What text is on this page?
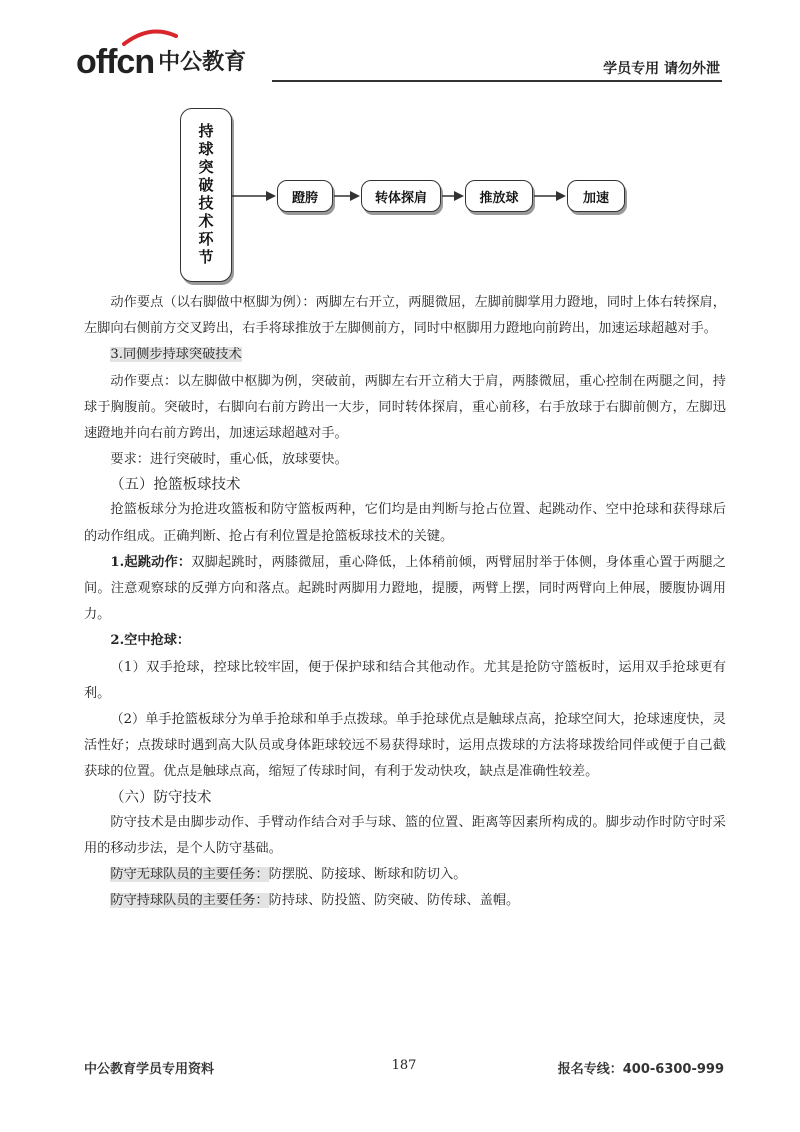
offcn 中公教育	学员专用 请勿外泄
持球突破技术环节	蹬胯	转体探肩	推放球	加速

动作要点（以右脚做中枢脚为例）：两脚左右开立，两腿微屈，左脚前脚掌用力蹬地，同时上体右转探肩，左脚向右侧前方交叉跨出，右手将球推放于左脚侧前方，同时中枢脚用力蹬地向前跨出，加速运球超越对手。

3.同侧步持球突破技术

动作要点：以左脚做中枢脚为例，突破前，两脚左右开立稍大于肩，两膝微屈，重心控制在两腿之间，持球于胸腹前。突破时，右脚向右前方跨出一大步，同时转体探肩，重心前移，右手放球于右脚前侧方，左脚迅速蹬地并向右前方跨出，加速运球超越对手。

要求：进行突破时，重心低，放球要快。

（五）抢篮板球技术

抢篮板球分为抢进攻篮板和防守篮板两种，它们均是由判断与抢占位置、起跳动作、空中抢球和获得球后的动作组成。正确判断、抢占有利位置是抢篮板球技术的关键。

1.起跳动作：双脚起跳时，两膝微屈，重心降低，上体稍前倾，两臂屈肘举于体侧，身体重心置于两腿之间。注意观察球的反弹方向和落点。起跳时两脚用力蹬地，提腰，两臂上摆，同时两臂向上伸展，腰腹协调用力。

2.空中抢球：

（1）双手抢球，控球比较牢固，便于保护球和结合其他动作。尤其是抢防守篮板时，运用双手抢球更有利。

（2）单手抢篮板球分为单手抢球和单手点拨球。单手抢球优点是触球点高，抢球空间大，抢球速度快，灵活性好；点拨球时遇到高大队员或身体距球较远不易获得球时，运用点拨球的方法将球拨给同伴或便于自己截获球的位置。优点是触球点高，缩短了传球时间，有利于发动快攻，缺点是准确性较差。

（六）防守技术

防守技术是由脚步动作、手臂动作结合对手与球、篮的位置、距离等因素所构成的。脚步动作时防守时采用的移动步法，是个人防守基础。

防守无球队员的主要任务：防摆脱、防接球、断球和防切入。

防守持球队员的主要任务：防持球、防投篮、防突破、防传球、盖帽。

中公教育学员专用资料	187	报名专线：400-6300-999
